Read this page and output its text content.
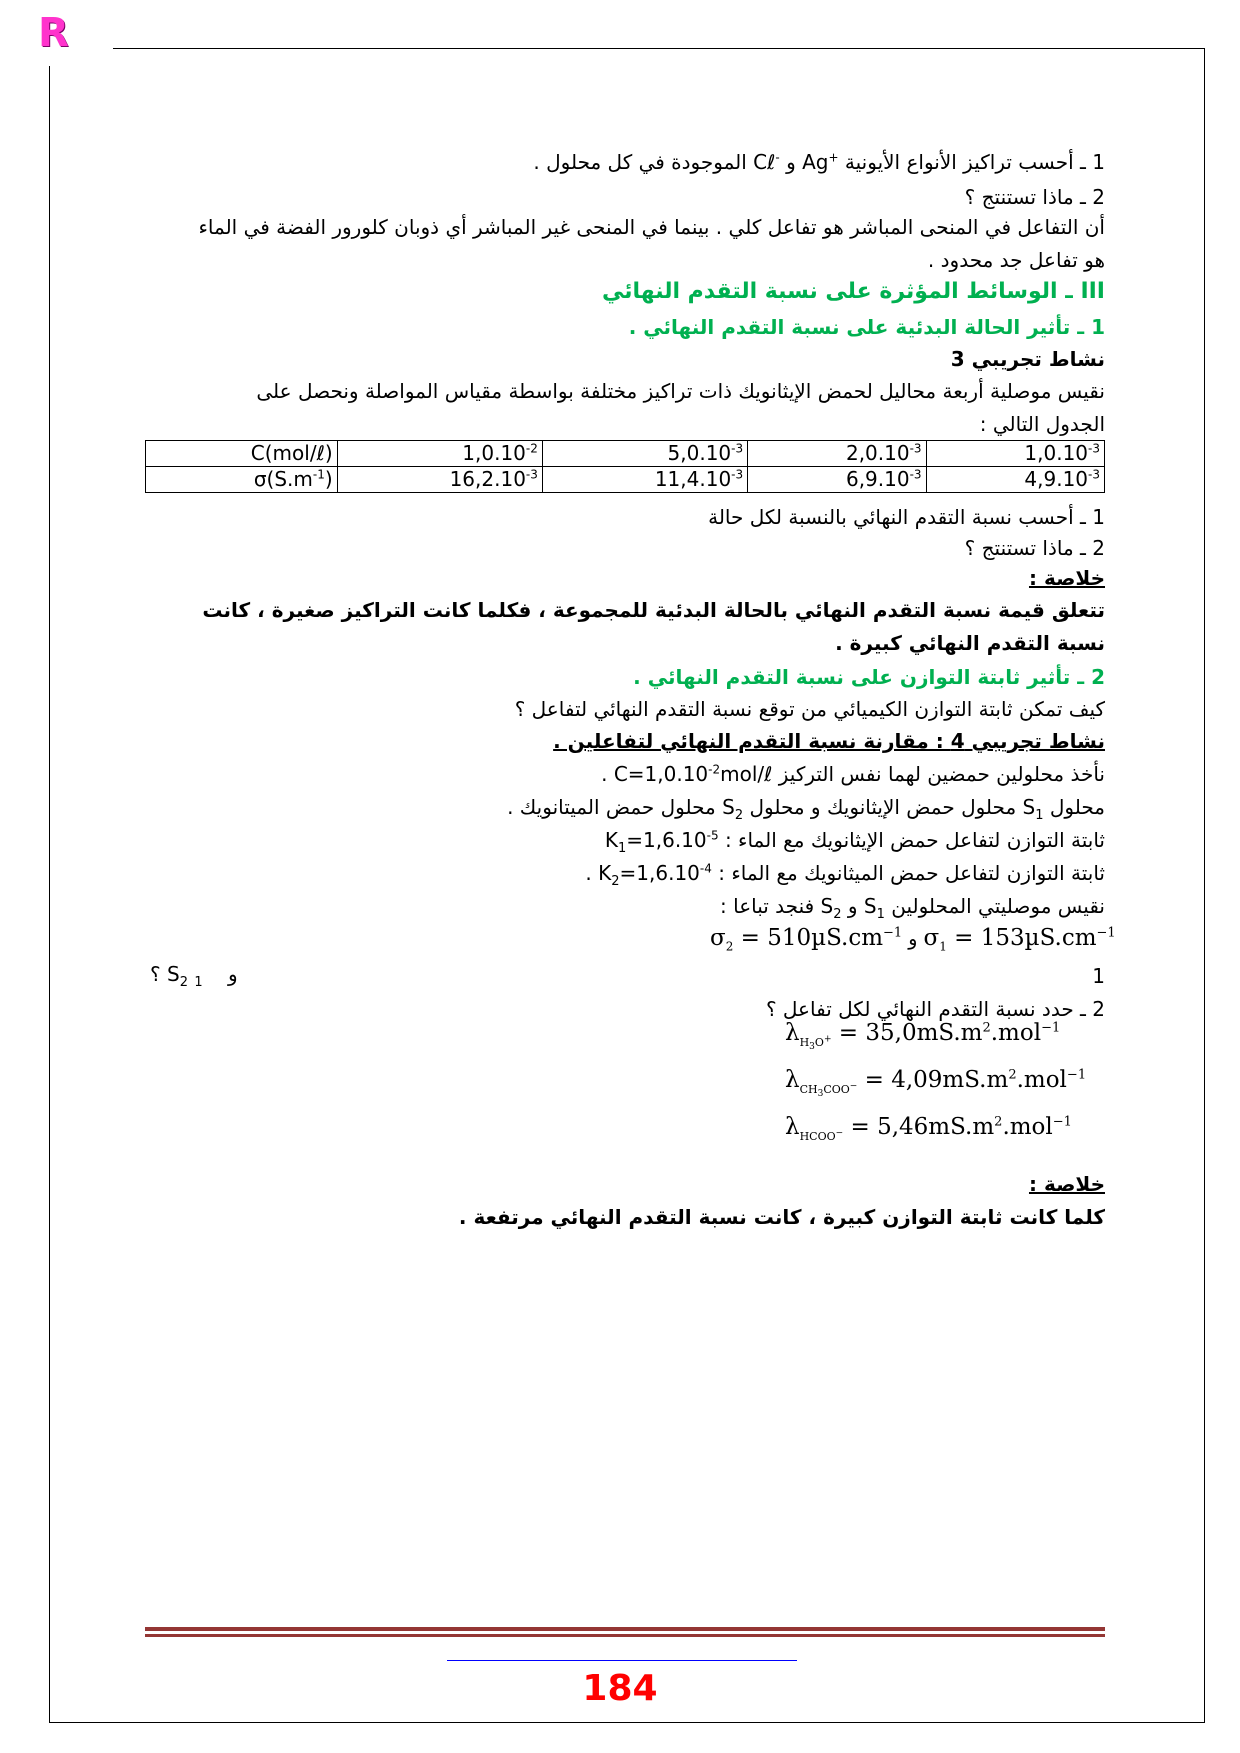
R
1 ـ أحسب تراكيز الأنواع الأيونية Ag+ و Cℓ- الموجودة في كل محلول .
2 ـ ماذا تستنتج ؟
أن التفاعل في المنحى المباشر هو تفاعل كلي . بينما في المنحى غير المباشر أي ذوبان كلورور الفضة في الماء هو تفاعل جد محدود .
III ـ الوسائط المؤثرة على نسبة التقدم النهائي
1 ـ تأثير الحالة البدئية على نسبة التقدم النهائي .
نشاط تجريبي 3
نقيس موصلية أربعة محاليل لحمض الإيثانويك ذات تراكيز مختلفة بواسطة مقياس المواصلة ونحصل على الجدول التالي :
C(mol/ℓ)	$1,0.10^{-2}$	$5,0.10^{-3}$	$2,0.10^{-3}$	$1,0.10^{-3}$
$\sigma(S.m^{-1})$	$16,2.10^{-3}$	$11,4.10^{-3}$	$6,9.10^{-3}$	$4,9.10^{-3}$
1 ـ أحسب نسبة التقدم النهائي بالنسبة لكل حالة
2 ـ ماذا تستنتج ؟
خلاصة :
تتعلق قيمة نسبة التقدم النهائي بالحالة البدئية للمجموعة ، فكلما كانت التراكيز صغيرة ، كانت نسبة التقدم النهائي كبيرة .
2 ـ تأثير ثابتة التوازن على نسبة التقدم النهائي .
كيف تمكن ثابتة التوازن الكيميائي من توقع نسبة التقدم النهائي لتفاعل ؟
نشاط تجريبي 4 : مقارنة نسبة التقدم النهائي لتفاعلين .
نأخذ محلولين حمضين لهما نفس التركيز $C=1,0.10^{-2}mol/\ell$ .
محلول $S_1$ محلول حمض الإيثانويك و محلول $S_2$ محلول حمض الميتانويك .
ثابتة التوازن لتفاعل حمض الإيثانويك مع الماء : $K_1=1,6.10^{-5}$
ثابتة التوازن لتفاعل حمض الميثانويك مع الماء : $K_2=1,6.10^{-4}$ .
نقيس موصليتي المحلولين $S_1$ و $S_2$ فنجد تباعا :
$\sigma_2 = 510\mu S.cm^{-1}$ و $\sigma_1 = 153\mu S.cm^{-1}$
1
؟ $S_2$ و    $_1$
2 ـ حدد نسبة التقدم النهائي لكل تفاعل ؟
$\lambda_{H_3O^+} = 35,0mS.m^2.mol^{-1}$
$\lambda_{CH_3COO^-} = 4,09mS.m^2.mol^{-1}$
$\lambda_{HCOO^-} = 5,46mS.m^2.mol^{-1}$
خلاصة :
كلما كانت ثابتة التوازن كبيرة ، كانت نسبة التقدم النهائي مرتفعة .
184
